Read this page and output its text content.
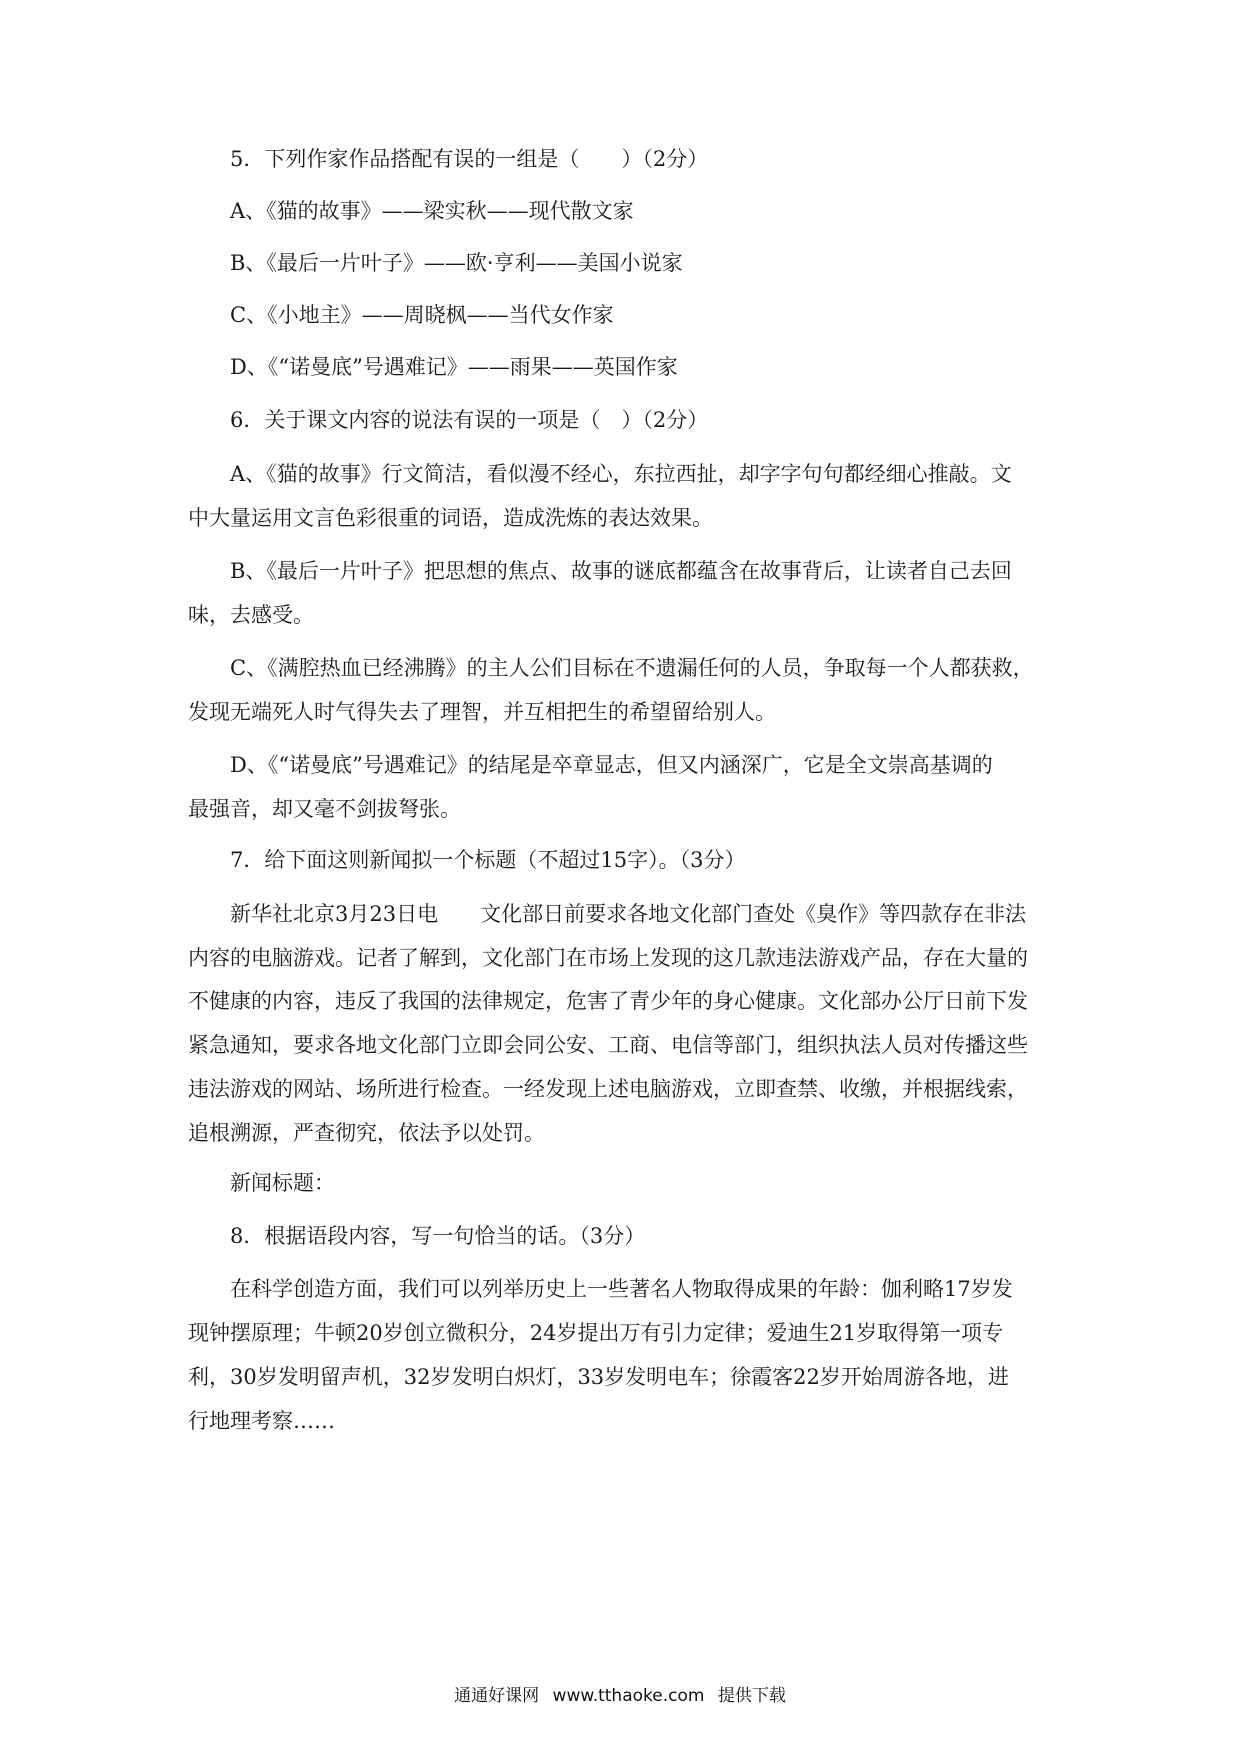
5．下列作家作品搭配有误的一组是（　　）（2分）
A、《猫的故事》——梁实秋——现代散文家
B、《最后一片叶子》——欧·亨利——美国小说家
C、《小地主》——周晓枫——当代女作家
D、《“诺曼底”号遇难记》——雨果——英国作家
6．关于课文内容的说法有误的一项是（　）（2分）
A、《猫的故事》行文简洁，看似漫不经心，东拉西扯，却字字句句都经细心推敲。文
中大量运用文言色彩很重的词语，造成洗炼的表达效果。
B、《最后一片叶子》把思想的焦点、故事的谜底都蕴含在故事背后，让读者自己去回
味，去感受。
C、《满腔热血已经沸腾》的主人公们目标在不遗漏任何的人员，争取每一个人都获救，
发现无端死人时气得失去了理智，并互相把生的希望留给别人。
D、《“诺曼底”号遇难记》的结尾是卒章显志，但又内涵深广，它是全文崇高基调的
最强音，却又毫不剑拔弩张。
7．给下面这则新闻拟一个标题（不超过15字）。（3分）
新华社北京3月23日电　　文化部日前要求各地文化部门查处《臭作》等四款存在非法
内容的电脑游戏。记者了解到，文化部门在市场上发现的这几款违法游戏产品，存在大量的
不健康的内容，违反了我国的法律规定，危害了青少年的身心健康。文化部办公厅日前下发
紧急通知，要求各地文化部门立即会同公安、工商、电信等部门，组织执法人员对传播这些
违法游戏的网站、场所进行检查。一经发现上述电脑游戏，立即查禁、收缴，并根据线索，
追根溯源，严查彻究，依法予以处罚。
新闻标题：
8．根据语段内容，写一句恰当的话。（3分）
在科学创造方面，我们可以列举历史上一些著名人物取得成果的年龄：伽利略17岁发
现钟摆原理；牛顿20岁创立微积分，24岁提出万有引力定律；爱迪生21岁取得第一项专
利，30岁发明留声机，32岁发明白炽灯，33岁发明电车；徐霞客22岁开始周游各地，进
行地理考察……
通通好课网 www.tthaoke.com 提供下载
